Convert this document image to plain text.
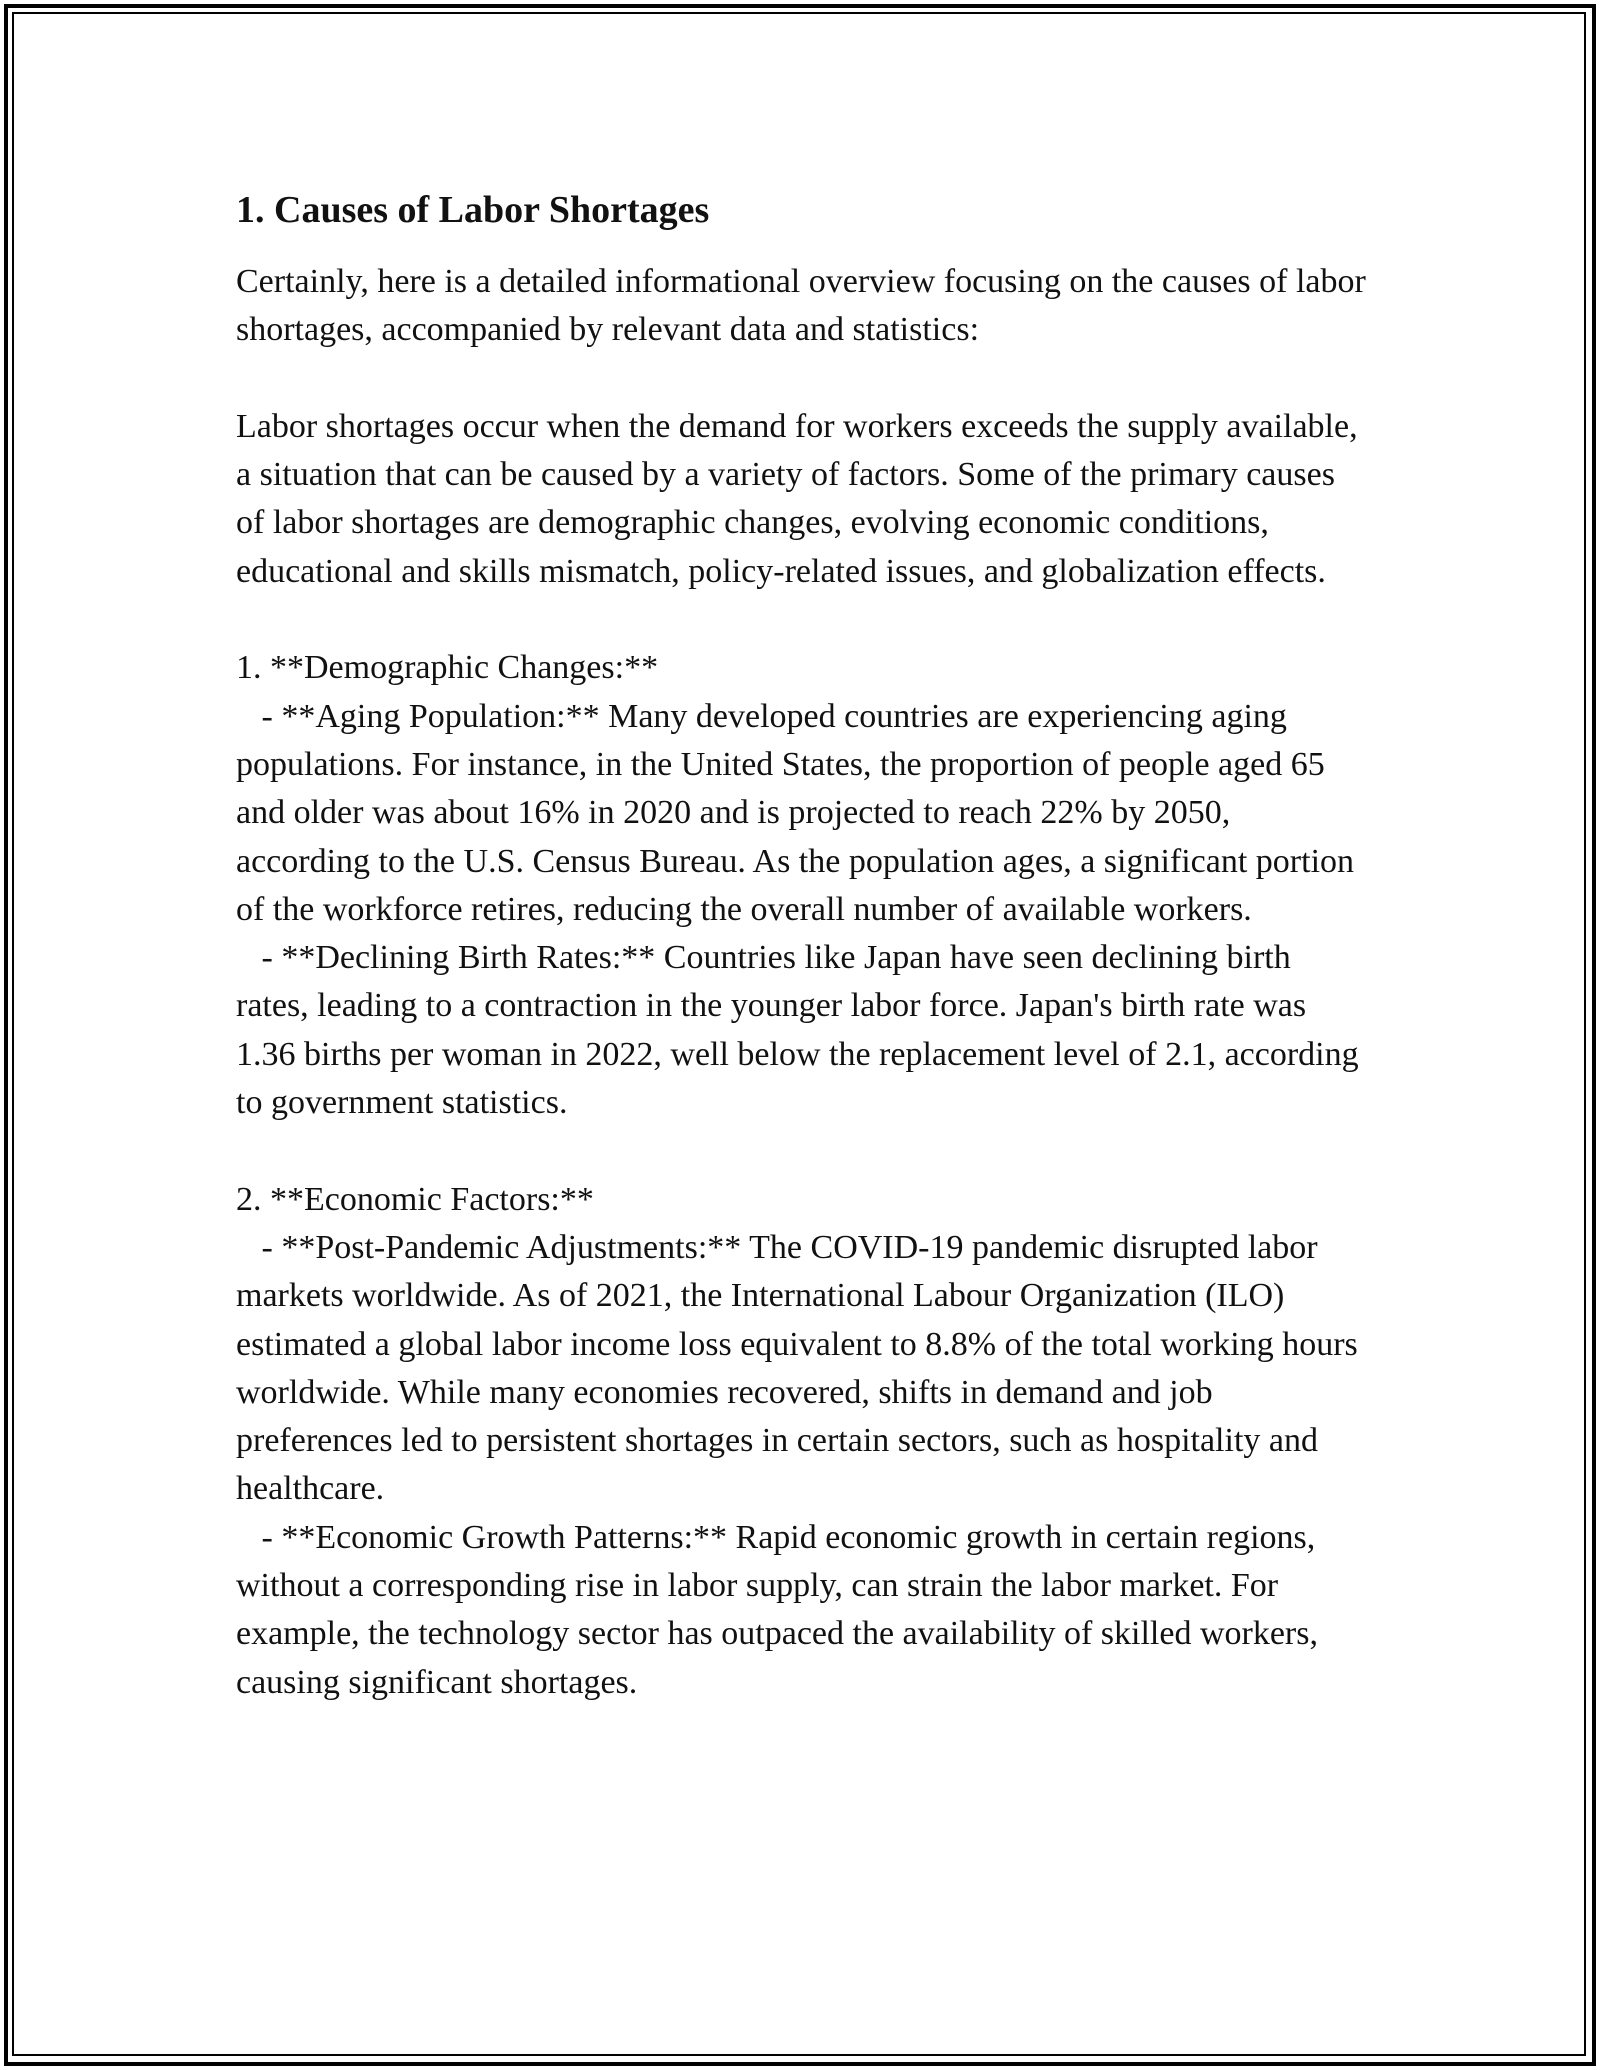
1. Causes of Labor Shortages

Certainly, here is a detailed informational overview focusing on the causes of labor shortages, accompanied by relevant data and statistics:

Labor shortages occur when the demand for workers exceeds the supply available, a situation that can be caused by a variety of factors. Some of the primary causes of labor shortages are demographic changes, evolving economic conditions, educational and skills mismatch, policy-related issues, and globalization effects.

1. **Demographic Changes:**

- **Aging Population:** Many developed countries are experiencing aging populations. For instance, in the United States, the proportion of people aged 65 and older was about 16% in 2020 and is projected to reach 22% by 2050, according to the U.S. Census Bureau. As the population ages, a significant portion of the workforce retires, reducing the overall number of available workers.

- **Declining Birth Rates:** Countries like Japan have seen declining birth rates, leading to a contraction in the younger labor force. Japan's birth rate was 1.36 births per woman in 2022, well below the replacement level of 2.1, according to government statistics.

2. **Economic Factors:**

- **Post-Pandemic Adjustments:** The COVID-19 pandemic disrupted labor markets worldwide. As of 2021, the International Labour Organization (ILO) estimated a global labor income loss equivalent to 8.8% of the total working hours worldwide. While many economies recovered, shifts in demand and job preferences led to persistent shortages in certain sectors, such as hospitality and healthcare.

- **Economic Growth Patterns:** Rapid economic growth in certain regions, without a corresponding rise in labor supply, can strain the labor market. For example, the technology sector has outpaced the availability of skilled workers, causing significant shortages.
